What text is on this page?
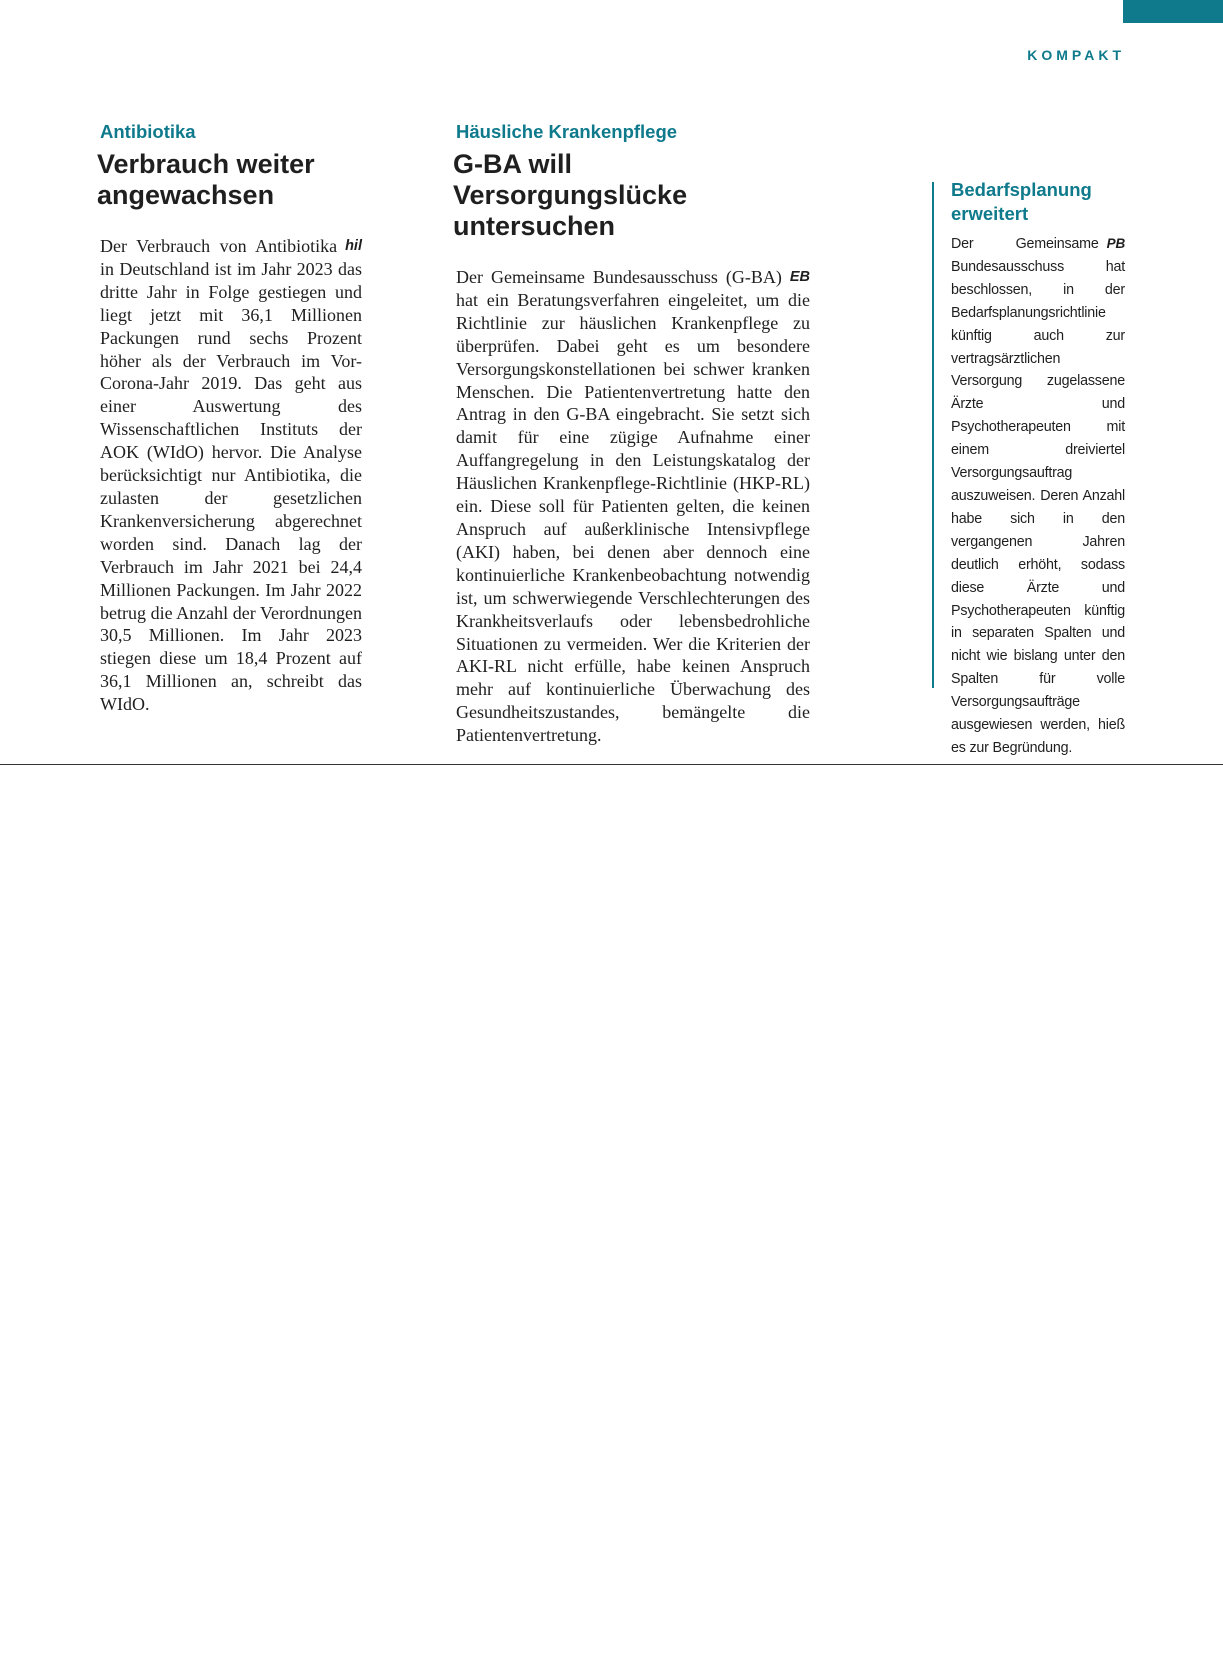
KOMPAKT

Antibiotika

Verbrauch weiter angewachsen

hil
Der Verbrauch von Antibiotika in Deutschland ist im Jahr 2023 das dritte Jahr in Folge gestiegen und liegt jetzt mit 36,1 Millionen Packungen rund sechs Prozent höher als der Verbrauch im Vor-Corona-Jahr 2019. Das geht aus einer Auswertung des Wissenschaftlichen Instituts der AOK (WIdO) hervor. Die Analyse berücksichtigt nur Antibiotika, die zulasten der gesetzlichen Krankenversicherung abgerechnet worden sind. Danach lag der Verbrauch im Jahr 2021 bei 24,4 Millionen Packungen. Im Jahr 2022 betrug die Anzahl der Verordnungen 30,5 Millionen. Im Jahr 2023 stiegen diese um 18,4 Prozent auf 36,1 Millionen an, schreibt das WIdO.

Häusliche Krankenpflege

G-BA will Versorgungslücke untersuchen

EB
Der Gemeinsame Bundesausschuss (G-BA) hat ein Beratungsverfahren eingeleitet, um die Richtlinie zur häuslichen Krankenpflege zu überprüfen. Dabei geht es um besondere Versorgungskonstellationen bei schwer kranken Menschen. Die Patientenvertretung hatte den Antrag in den G-BA eingebracht. Sie setzt sich damit für eine zügige Aufnahme einer Auffangregelung in den Leistungskatalog der Häuslichen Krankenpflege-Richtlinie (HKP-RL) ein. Diese soll für Patienten gelten, die keinen Anspruch auf außerklinische Intensivpflege (AKI) haben, bei denen aber dennoch eine kontinuierliche Krankenbeobachtung notwendig ist, um schwerwiegende Verschlechterungen des Krankheitsverlaufs oder lebensbedrohliche Situationen zu vermeiden. Wer die Kriterien der AKI-RL nicht erfülle, habe keinen Anspruch mehr auf kontinuierliche Überwachung des Gesundheitszustandes, bemängelte die Patientenvertretung.

Bedarfsplanung erweitert

PB
Der Gemeinsame Bundesausschuss hat beschlossen, in der Bedarfsplanungsrichtlinie künftig auch zur vertragsärztlichen Versorgung zugelassene Ärzte und Psychotherapeuten mit einem dreiviertel Versorgungsauftrag auszuweisen. Deren Anzahl habe sich in den vergangenen Jahren deutlich erhöht, sodass diese Ärzte und Psychotherapeuten künftig in separaten Spalten und nicht wie bislang unter den Spalten für volle Versorgungsaufträge ausgewiesen werden, hieß es zur Begründung.
